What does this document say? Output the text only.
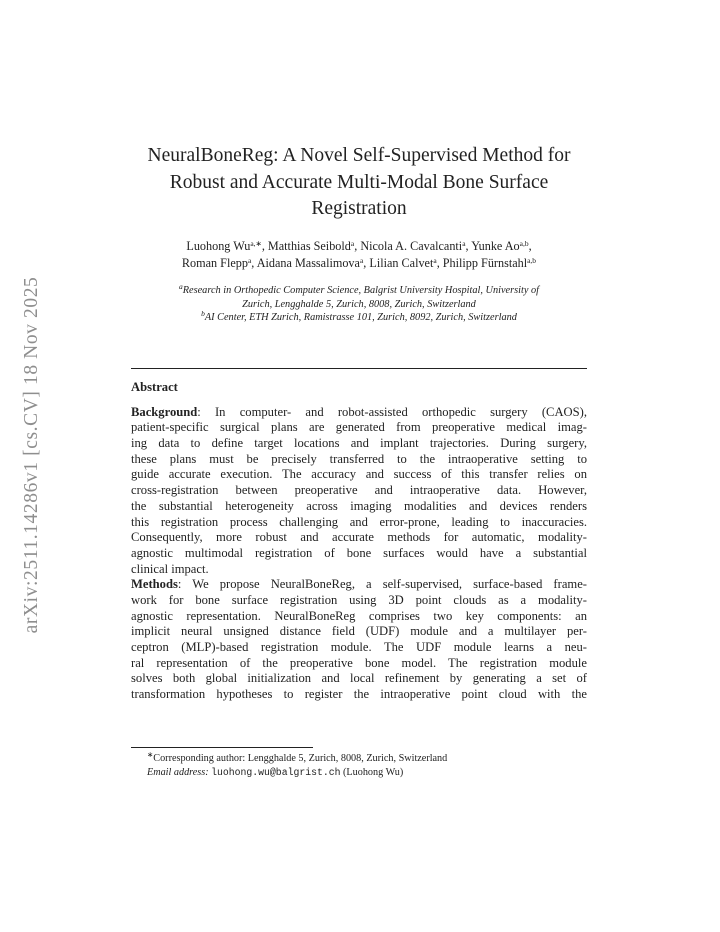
arXiv:2511.14286v1 [cs.CV] 18 Nov 2025
NeuralBoneReg: A Novel Self-Supervised Method for
Robust and Accurate Multi-Modal Bone Surface
Registration
Luohong $Wu^{a,∗}$, Matthias Seibold$^a$, Nicola A. Cavalcanti$^a$, Yunke Ao$^{a,b}$,
Roman Flepp$^a$, Aidana Massalimova$^a$, Lilian Calvet$^a$, Philipp Fürnstahl$^{a,b}$
$^a$Research in Orthopedic Computer Science, Balgrist University Hospital, University of
Zurich, Lengghalde 5, Zurich, 8008, Zurich, Switzerland
$^b$AI Center, ETH Zurich, Ramistrasse 101, Zurich, 8092, Zurich, Switzerland
Abstract
Background: In computer- and robot-assisted orthopedic surgery (CAOS),
patient-specific surgical plans are generated from preoperative medical imag-
ing data to define target locations and implant trajectories. During surgery,
these plans must be precisely transferred to the intraoperative setting to
guide accurate execution. The accuracy and success of this transfer relies on
cross-registration between preoperative and intraoperative data. However,
the substantial heterogeneity across imaging modalities and devices renders
this registration process challenging and error-prone, leading to inaccuracies.
Consequently, more robust and accurate methods for automatic, modality-
agnostic multimodal registration of bone surfaces would have a substantial
clinical impact.
Methods: We propose NeuralBoneReg, a self-supervised, surface-based frame-
work for bone surface registration using 3D point clouds as a modality-
agnostic representation. NeuralBoneReg comprises two key components: an
implicit neural unsigned distance field (UDF) module and a multilayer per-
ceptron (MLP)-based registration module. The UDF module learns a neu-
ral representation of the preoperative bone model. The registration module
solves both global initialization and local refinement by generating a set of
transformation hypotheses to register the intraoperative point cloud with the
∗Corresponding author: Lengghalde 5, Zurich, 8008, Zurich, Switzerland
Email address: luohong.wu@balgrist.ch (Luohong Wu)
